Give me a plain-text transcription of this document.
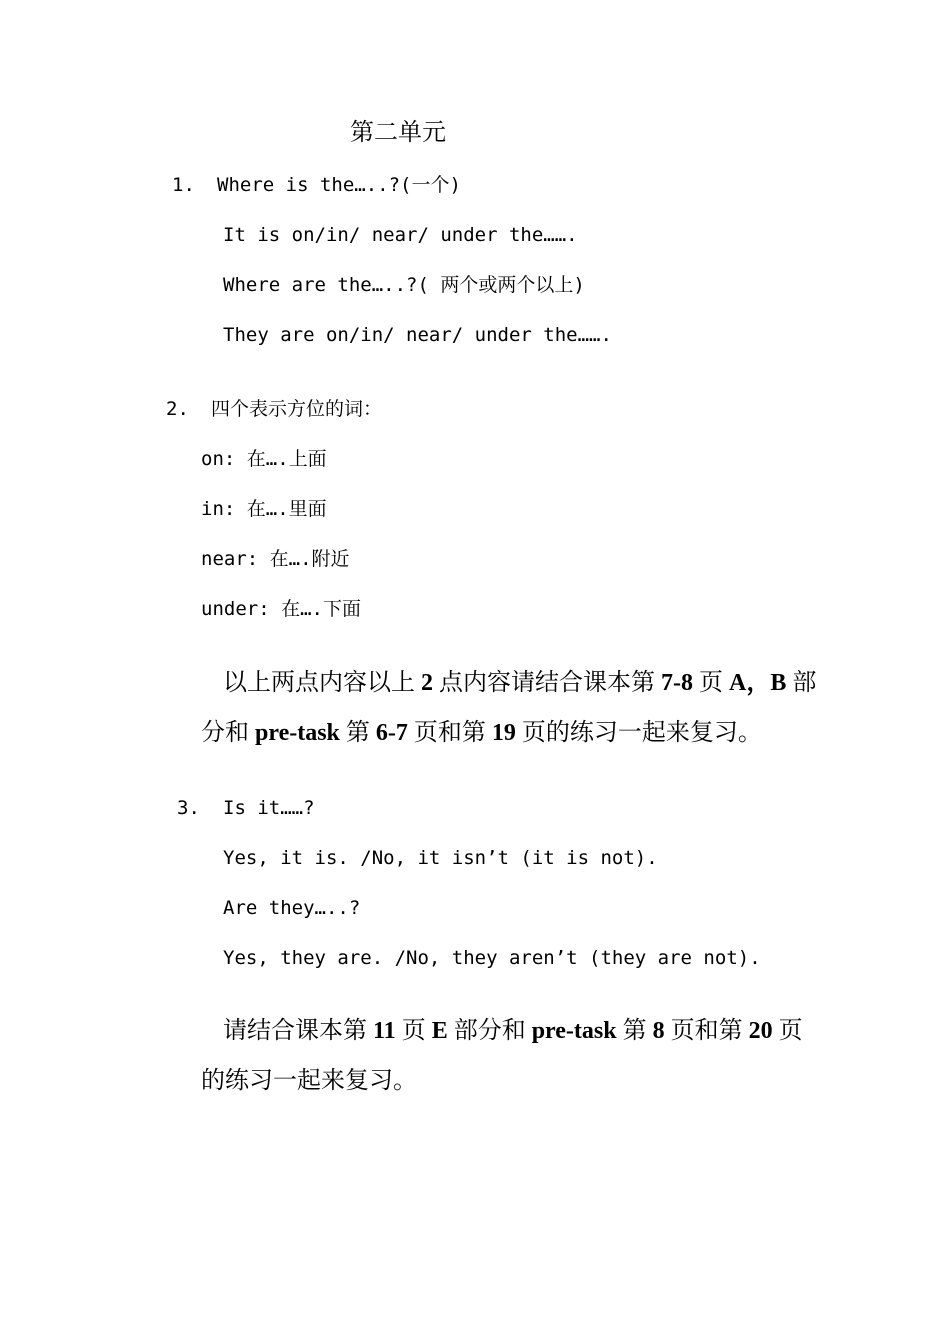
第二单元
1. Where is the…..?(一个)
It is on/in/ near/ under the…….
Where are the…..?( 两个或两个以上)
They are on/in/ near/ under the…….
2. 四个表示方位的词：
on: 在….上面
in: 在….里面
near: 在….附近
under: 在….下面
以上两点内容以上 2 点内容请结合课本第 7-8 页 A，B 部
分和 pre-task 第 6-7 页和第 19 页的练习一起来复习。
3. Is it……?
Yes, it is. /No, it isn’t (it is not).
Are they…..?
Yes, they are. /No, they aren’t (they are not).
请结合课本第 11 页 E 部分和 pre-task 第 8 页和第 20 页
的练习一起来复习。
